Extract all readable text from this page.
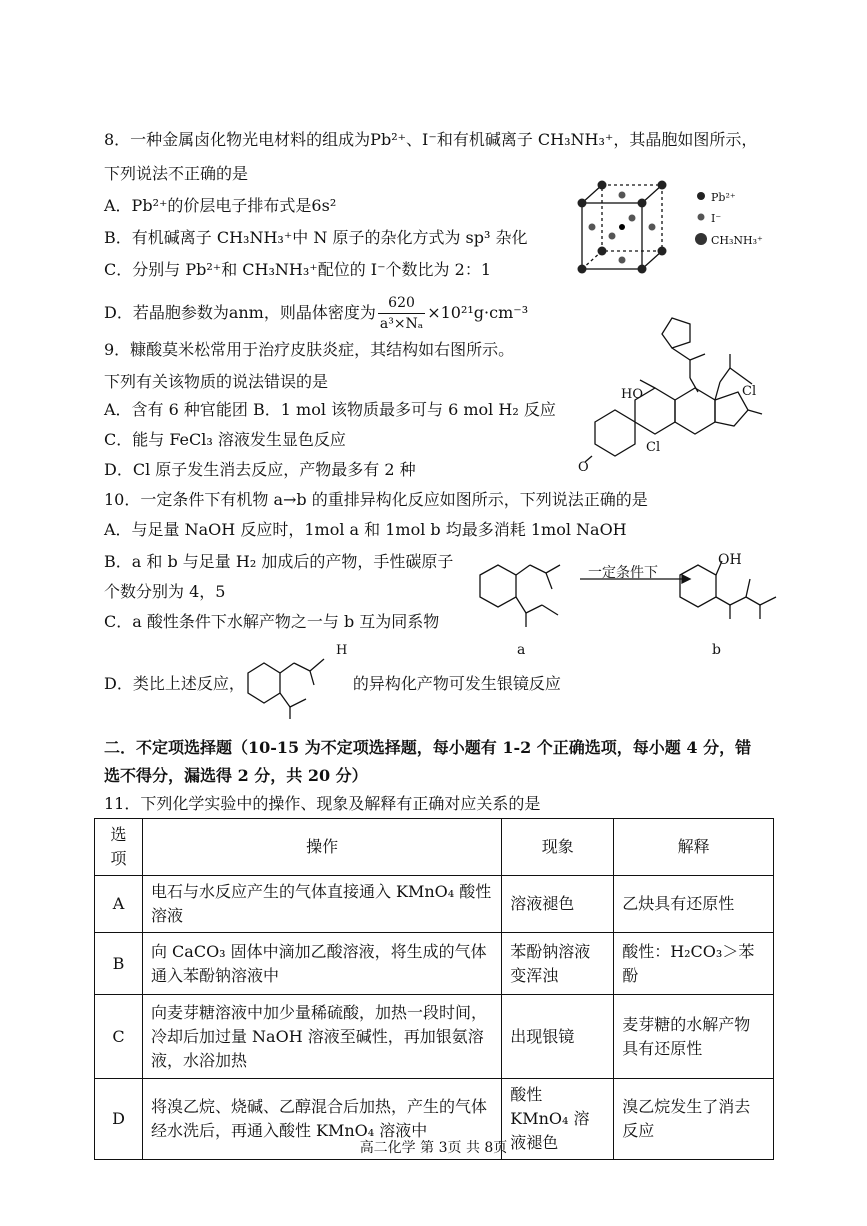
8．一种金属卤化物光电材料的组成为Pb²⁺、I⁻和有机碱离子 CH₃NH₃⁺，其晶胞如图所示，
下列说法不正确的是
A．Pb²⁺的价层电子排布式是6s²
B．有机碱离子 CH₃NH₃⁺中 N 原子的杂化方式为 sp³ 杂化
C．分别与 Pb²⁺和 CH₃NH₃⁺配位的 I⁻个数比为 2：1
D．若晶胞参数为anm，则晶体密度为 $\frac{620}{\text{a³×Nₐ}} \times 10^{21}g\cdot cm^{-3}$
Pb²⁺
I⁻
CH₃NH₃⁺
9．糠酸莫米松常用于治疗皮肤炎症，其结构如右图所示。
下列有关该物质的说法错误的是
A．含有 6 种官能团 B．1 mol 该物质最多可与 6 mol H₂ 反应
C．能与 FeCl₃ 溶液发生显色反应
D．Cl 原子发生消去反应，产物最多有 2 种
HO	Cl
Cl
O
10．一定条件下有机物 a→b 的重排异构化反应如图所示，下列说法正确的是
A．与足量 NaOH 反应时，1mol a 和 1mol b 均最多消耗 1mol NaOH
B．a 和 b 与足量 H₂ 加成后的产物，手性碳原子
个数分别为 4，5
C．a 酸性条件下水解产物之一与 b 互为同系物
一定条件下
a	b
OH
D．类比上述反应，	的异构化产物可发生银镜反应
H
二．不定项选择题（10-15 为不定项选择题，每小题有 1-2 个正确选项，每小题 4 分，错
选不得分，漏选得 2 分，共 20 分）
11．下列化学实验中的操作、现象及解释有正确对应关系的是
选项	操作	现象	解释
A	电石与水反应产生的气体直接通入 KMnO₄ 酸性溶液	溶液褪色	乙炔具有还原性
B	向 CaCO₃ 固体中滴加乙酸溶液，将生成的气体通入苯酚钠溶液中	苯酚钠溶液变浑浊	酸性：H₂CO₃＞苯酚
C	向麦芽糖溶液中加少量稀硫酸，加热一段时间，冷却后加过量 NaOH 溶液至碱性，再加银氨溶液，水浴加热	出现银镜	麦芽糖的水解产物具有还原性
D	将溴乙烷、烧碱、乙醇混合后加热，产生的气体经水洗后，再通入酸性 KMnO₄ 溶液中	酸性 KMnO₄ 溶液褪色	溴乙烷发生了消去反应
高二化学 第 3页 共 8页
